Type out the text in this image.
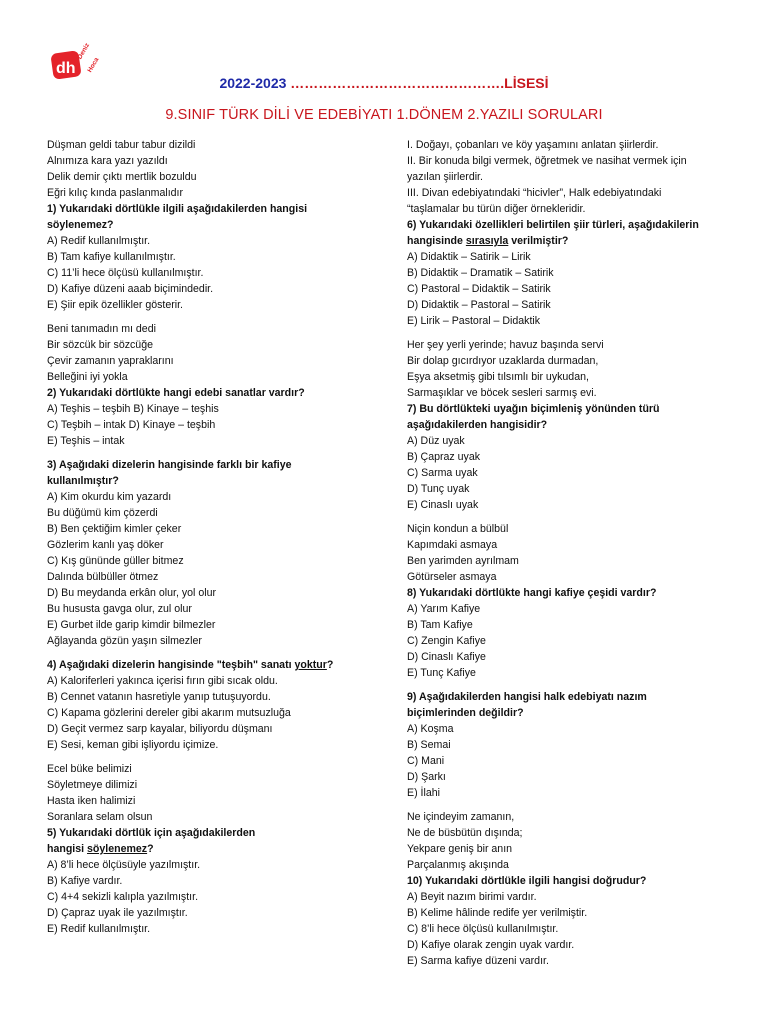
dh
Deniz
Hoca
2022-2023 ……………………………………….LİSESİ
9.SINIF TÜRK DİLİ VE EDEBİYATI 1.DÖNEM 2.YAZILI SORULARI
Düşman geldi tabur tabur dizildi
Alnımıza kara yazı yazıldı
Delik demir çıktı mertlik bozuldu
Eğri kılıç kında paslanmalıdır
1) Yukarıdaki dörtlükle ilgili aşağıdakilerden hangisi
söylenemez?
A) Redif kullanılmıştır.
B) Tam kafiye kullanılmıştır.
C) 11’li hece ölçüsü kullanılmıştır.
D) Kafiye düzeni aaab biçimindedir.
E) Şiir epik özellikler gösterir.
Beni tanımadın mı dedi
Bir sözcük bir sözcüğe
Çevir zamanın yapraklarını
Belleğini iyi yokla
2) Yukarıdaki dörtlükte hangi edebi sanatlar vardır?
A) Teşhis – teşbih B) Kinaye – teşhis
C) Teşbih – intak D) Kinaye – teşbih
E) Teşhis – intak
3) Aşağıdaki dizelerin hangisinde farklı bir kafiye
kullanılmıştır?
A) Kim okurdu kim yazardı
Bu düğümü kim çözerdi
B) Ben çektiğim kimler çeker
Gözlerim kanlı yaş döker
C) Kış gününde güller bitmez
Dalında bülbüller ötmez
D) Bu meydanda erkân olur, yol olur
Bu hususta gavga olur, zul olur
E) Gurbet ilde garip kimdir bilmezler
Ağlayanda gözün yaşın silmezler
4) Aşağıdaki dizelerin hangisinde "teşbih" sanatı yoktur?
A) Kaloriferleri yakınca içerisi fırın gibi sıcak oldu.
B) Cennet vatanın hasretiyle yanıp tutuşuyordu.
C) Kapama gözlerini dereler gibi akarım mutsuzluğa
D) Geçit vermez sarp kayalar, biliyordu düşmanı
E) Sesi, keman gibi işliyordu içimize.
Ecel büke belimizi
Söyletmeye dilimizi
Hasta iken halimizi
Soranlara selam olsun
5) Yukarıdaki dörtlük için aşağıdakilerden
hangisi söylenemez?
A) 8’li hece ölçüsüyle yazılmıştır.
B) Kafiye vardır.
C) 4+4 sekizli kalıpla yazılmıştır.
D) Çapraz uyak ile yazılmıştır.
E) Redif kullanılmıştır.
I. Doğayı, çobanları ve köy yaşamını anlatan şiirlerdir.
II. Bir konuda bilgi vermek, öğretmek ve nasihat vermek için
yazılan şiirlerdir.
III. Divan edebiyatındaki “hicivler”, Halk edebiyatındaki
“taşlamalar bu türün diğer örnekleridir.
6) Yukarıdaki özellikleri belirtilen şiir türleri, aşağıdakilerin
hangisinde sırasıyla verilmiştir?
A) Didaktik – Satirik – Lirik
B) Didaktik – Dramatik – Satirik
C) Pastoral – Didaktik – Satirik
D) Didaktik – Pastoral – Satirik
E) Lirik – Pastoral – Didaktik
Her şey yerli yerinde; havuz başında servi
Bir dolap gıcırdıyor uzaklarda durmadan,
Eşya aksetmiş gibi tılsımlı bir uykudan,
Sarmaşıklar ve böcek sesleri sarmış evi.
7) Bu dörtlükteki uyağın biçimleniş yönünden türü
aşağıdakilerden hangisidir?
A) Düz uyak
B) Çapraz uyak
C) Sarma uyak
D) Tunç uyak
E) Cinaslı uyak
Niçin kondun a bülbül
Kapımdaki asmaya
Ben yarimden ayrılmam
Götürseler asmaya
8) Yukarıdaki dörtlükte hangi kafiye çeşidi vardır?
A) Yarım Kafiye
B) Tam Kafiye
C) Zengin Kafiye
D) Cinaslı Kafiye
E) Tunç Kafiye
9) Aşağıdakilerden hangisi halk edebiyatı nazım
biçimlerinden değildir?
A) Koşma
B) Semai
C) Mani
D) Şarkı
E) İlahi
Ne içindeyim zamanın,
Ne de büsbütün dışında;
Yekpare geniş bir anın
Parçalanmış akışında
10) Yukarıdaki dörtlükle ilgili hangisi doğrudur?
A) Beyit nazım birimi vardır.
B) Kelime hâlinde redife yer verilmiştir.
C) 8’li hece ölçüsü kullanılmıştır.
D) Kafiye olarak zengin uyak vardır.
E) Sarma kafiye düzeni vardır.
